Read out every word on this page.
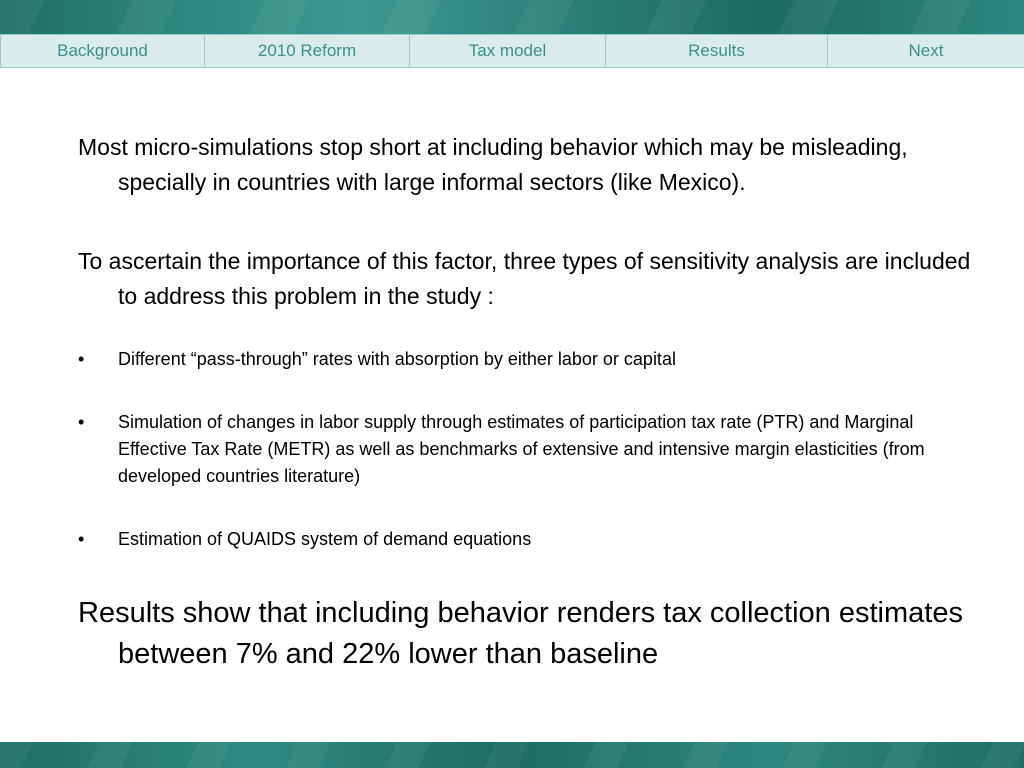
Background	2010 Reform	Tax model	Results	Next

Most micro-simulations stop short at including behavior which may be misleading, specially in countries with large informal sectors (like Mexico).

To ascertain the importance of this factor, three types of sensitivity analysis are included to address this problem in the study :

•	Different “pass-through” rates with absorption by either labor or capital
•	Simulation of changes in labor supply through estimates of participation tax rate (PTR) and Marginal Effective Tax Rate (METR) as well as benchmarks of extensive and intensive margin elasticities (from developed countries literature)
•	Estimation of QUAIDS system of demand equations

Results show that including behavior renders tax collection estimates between 7% and 22% lower than baseline
